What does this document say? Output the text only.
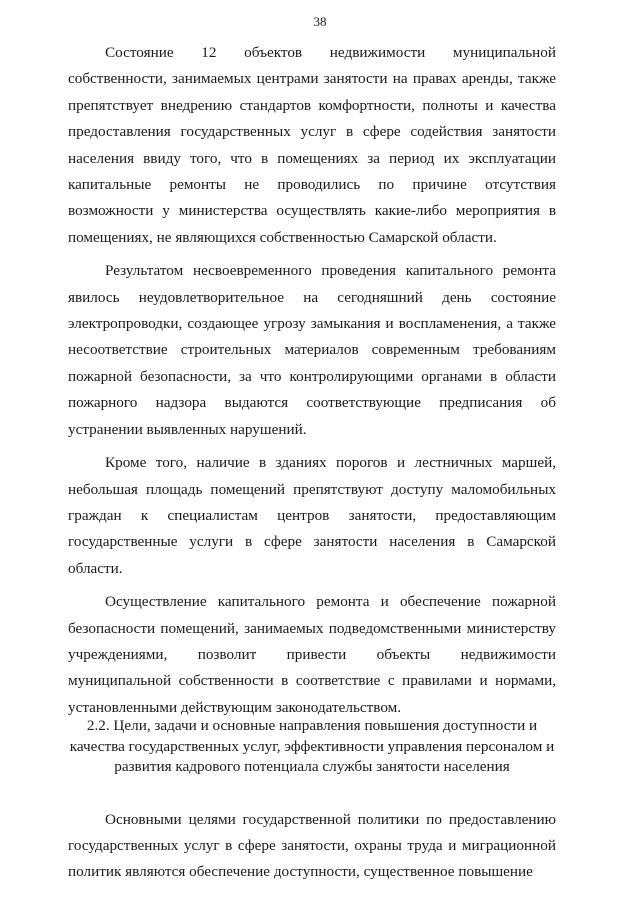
38

Состояние 12 объектов недвижимости муниципальной собственности, занимаемых центрами занятости на правах аренды, также препятствует внедрению стандартов комфортности, полноты и качества предоставления государственных услуг в сфере содействия занятости населения ввиду того, что в помещениях за период их эксплуатации капитальные ремонты не проводились по причине отсутствия возможности у министерства осуществлять какие-либо мероприятия в помещениях, не являющихся собственностью Самарской области.

Результатом несвоевременного проведения капитального ремонта явилось неудовлетворительное на сегодняшний день состояние электропроводки, создающее угрозу замыкания и воспламенения, а также несоответствие строительных материалов современным требованиям пожарной безопасности, за что контролирующими органами в области пожарного надзора выдаются соответствующие предписания об устранении выявленных нарушений.

Кроме того, наличие в зданиях порогов и лестничных маршей, небольшая площадь помещений препятствуют доступу маломобильных граждан к специалистам центров занятости, предоставляющим государственные услуги в сфере занятости населения в Самарской области.

Осуществление капитального ремонта и обеспечение пожарной безопасности помещений, занимаемых подведомственными министерству учреждениями, позволит привести объекты недвижимости муниципальной собственности в соответствие с правилами и нормами, установленными действующим законодательством.

2.2. Цели, задачи и основные направления повышения доступности и качества государственных услуг, эффективности управления персоналом и развития кадрового потенциала службы занятости населения

Основными целями государственной политики по предоставлению государственных услуг в сфере занятости, охраны труда и миграционной политик являются обеспечение доступности, существенное повышение
